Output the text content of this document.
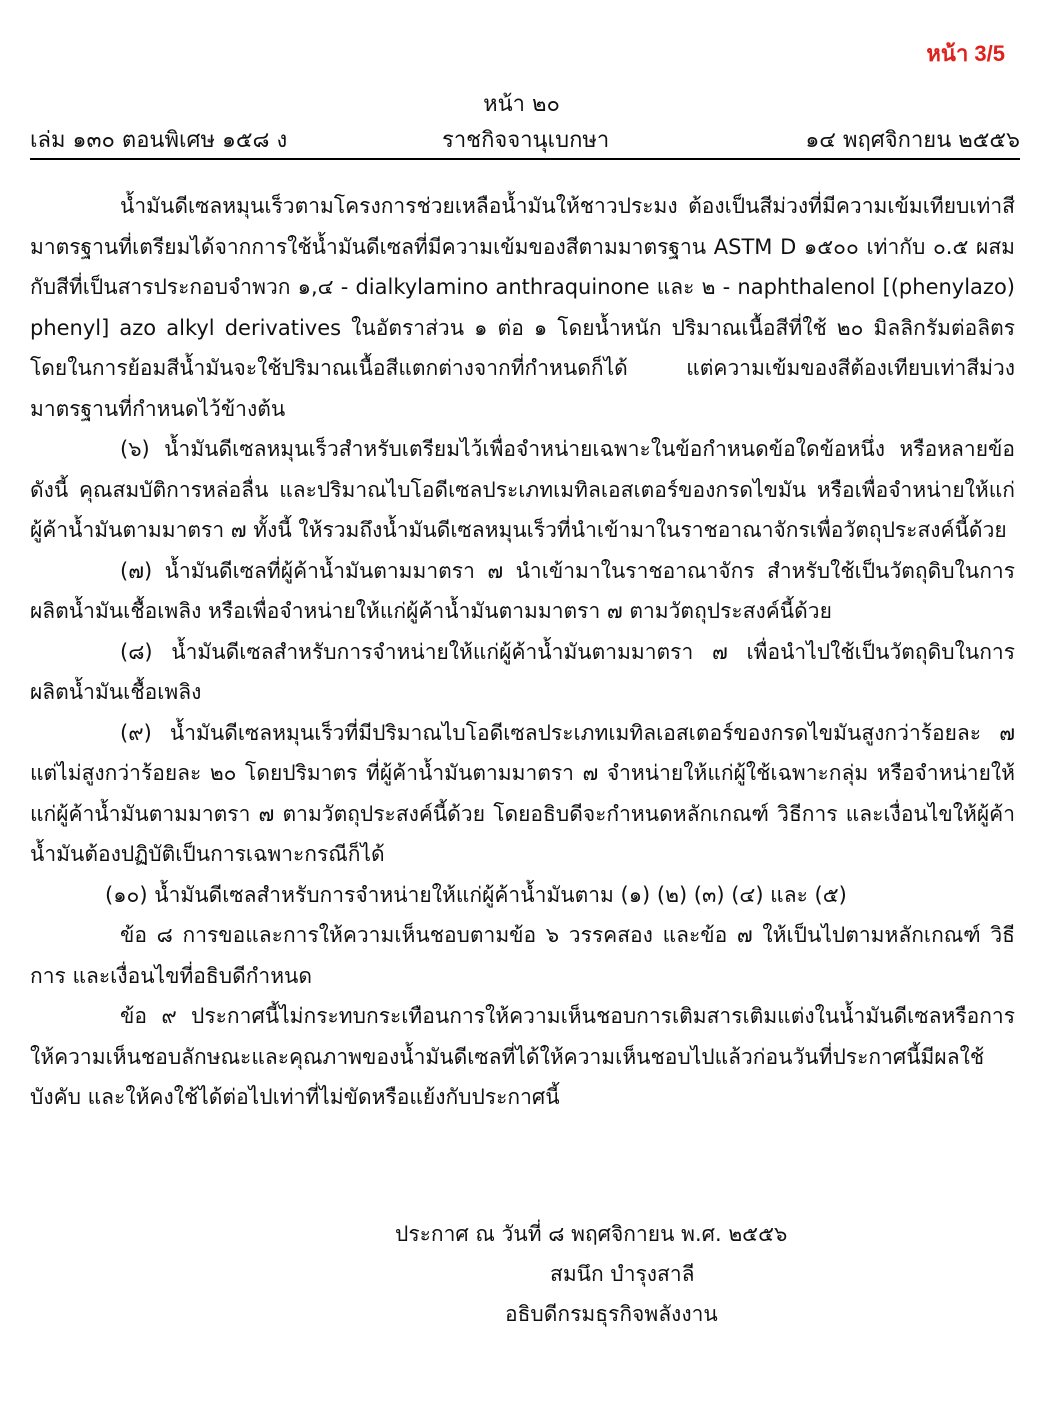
หน้า 3/5
หน้า ๒๐
เล่ม ๑๓๐ ตอนพิเศษ ๑๕๘ ง	ราชกิจจานุเบกษา	๑๔ พฤศจิกายน ๒๕๕๖

น้ำมันดีเซลหมุนเร็วตามโครงการช่วยเหลือน้ำมันให้ชาวประมง ต้องเป็นสีม่วงที่มีความเข้มเทียบเท่าสีมาตรฐานที่เตรียมได้จากการใช้น้ำมันดีเซลที่มีความเข้มของสีตามมาตรฐาน ASTM D ๑๕๐๐ เท่ากับ ๐.๕ ผสมกับสีที่เป็นสารประกอบจำพวก ๑,๔ - dialkylamino anthraquinone และ ๒ - naphthalenol [(phenylazo) phenyl] azo alkyl derivatives ในอัตราส่วน ๑ ต่อ ๑ โดยน้ำหนัก ปริมาณเนื้อสีที่ใช้ ๒๐ มิลลิกรัมต่อลิตร โดยในการย้อมสีน้ำมันจะใช้ปริมาณเนื้อสีแตกต่างจากที่กำหนดก็ได้ แต่ความเข้มของสีต้องเทียบเท่าสีม่วงมาตรฐานที่กำหนดไว้ข้างต้น

(๖) น้ำมันดีเซลหมุนเร็วสำหรับเตรียมไว้เพื่อจำหน่ายเฉพาะในข้อกำหนดข้อใดข้อหนึ่ง หรือหลายข้อ ดังนี้ คุณสมบัติการหล่อลื่น และปริมาณไบโอดีเซลประเภทเมทิลเอสเตอร์ของกรดไขมัน หรือเพื่อจำหน่ายให้แก่ผู้ค้าน้ำมันตามมาตรา ๗ ทั้งนี้ ให้รวมถึงน้ำมันดีเซลหมุนเร็วที่นำเข้ามาในราชอาณาจักรเพื่อวัตถุประสงค์นี้ด้วย

(๗) น้ำมันดีเซลที่ผู้ค้าน้ำมันตามมาตรา ๗ นำเข้ามาในราชอาณาจักร สำหรับใช้เป็นวัตถุดิบในการผลิตน้ำมันเชื้อเพลิง หรือเพื่อจำหน่ายให้แก่ผู้ค้าน้ำมันตามมาตรา ๗ ตามวัตถุประสงค์นี้ด้วย

(๘) น้ำมันดีเซลสำหรับการจำหน่ายให้แก่ผู้ค้าน้ำมันตามมาตรา ๗ เพื่อนำไปใช้เป็นวัตถุดิบในการผลิตน้ำมันเชื้อเพลิง

(๙) น้ำมันดีเซลหมุนเร็วที่มีปริมาณไบโอดีเซลประเภทเมทิลเอสเตอร์ของกรดไขมันสูงกว่าร้อยละ ๗ แต่ไม่สูงกว่าร้อยละ ๒๐ โดยปริมาตร ที่ผู้ค้าน้ำมันตามมาตรา ๗ จำหน่ายให้แก่ผู้ใช้เฉพาะกลุ่ม หรือจำหน่ายให้แก่ผู้ค้าน้ำมันตามมาตรา ๗ ตามวัตถุประสงค์นี้ด้วย โดยอธิบดีจะกำหนดหลักเกณฑ์ วิธีการ และเงื่อนไขให้ผู้ค้าน้ำมันต้องปฏิบัติเป็นการเฉพาะกรณีก็ได้

(๑๐) น้ำมันดีเซลสำหรับการจำหน่ายให้แก่ผู้ค้าน้ำมันตาม (๑) (๒) (๓) (๔) และ (๕)

ข้อ ๘ การขอและการให้ความเห็นชอบตามข้อ ๖ วรรคสอง และข้อ ๗ ให้เป็นไปตามหลักเกณฑ์ วิธีการ และเงื่อนไขที่อธิบดีกำหนด

ข้อ ๙ ประกาศนี้ไม่กระทบกระเทือนการให้ความเห็นชอบการเติมสารเติมแต่งในน้ำมันดีเซลหรือการให้ความเห็นชอบลักษณะและคุณภาพของน้ำมันดีเซลที่ได้ให้ความเห็นชอบไปแล้วก่อนวันที่ประกาศนี้มีผลใช้บังคับ และให้คงใช้ได้ต่อไปเท่าที่ไม่ขัดหรือแย้งกับประกาศนี้

ประกาศ ณ วันที่ ๘ พฤศจิกายน พ.ศ. ๒๕๕๖
สมนึก บำรุงสาลี
อธิบดีกรมธุรกิจพลังงาน
